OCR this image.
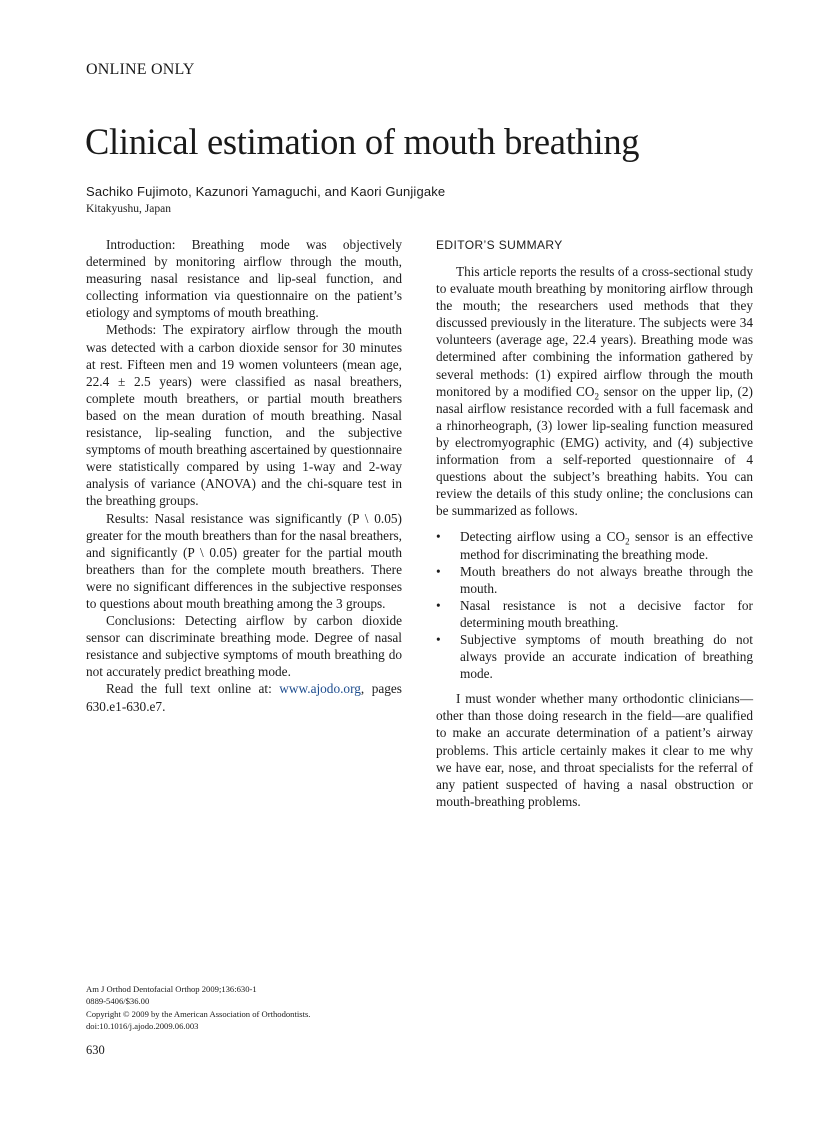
ONLINE ONLY
Clinical estimation of mouth breathing
Sachiko Fujimoto, Kazunori Yamaguchi, and Kaori Gunjigake
Kitakyushu, Japan

Introduction: Breathing mode was objectively determined by monitoring airflow through the mouth, measuring nasal resistance and lip-seal function, and collecting information via questionnaire on the patient’s etiology and symptoms of mouth breathing.

Methods: The expiratory airflow through the mouth was detected with a carbon dioxide sensor for 30 minutes at rest. Fifteen men and 19 women volunteers (mean age, 22.4 ± 2.5 years) were classified as nasal breathers, complete mouth breathers, or partial mouth breathers based on the mean duration of mouth breathing. Nasal resistance, lip-sealing function, and the subjective symptoms of mouth breathing ascertained by questionnaire were statistically compared by using 1-way and 2-way analysis of variance (ANOVA) and the chi-square test in the breathing groups.

Results: Nasal resistance was significantly (P \ 0.05) greater for the mouth breathers than for the nasal breathers, and significantly (P \ 0.05) greater for the partial mouth breathers than for the complete mouth breathers. There were no significant differences in the subjective responses to questions about mouth breathing among the 3 groups.

Conclusions: Detecting airflow by carbon dioxide sensor can discriminate breathing mode. Degree of nasal resistance and subjective symptoms of mouth breathing do not accurately predict breathing mode.

Read the full text online at: www.ajodo.org, pages 630.e1-630.e7.

EDITOR’S SUMMARY

This article reports the results of a cross-sectional study to evaluate mouth breathing by monitoring airflow through the mouth; the researchers used methods that they discussed previously in the literature. The subjects were 34 volunteers (average age, 22.4 years). Breathing mode was determined after combining the information gathered by several methods: (1) expired airflow through the mouth monitored by a modified $CO_2$ sensor on the upper lip, (2) nasal airflow resistance recorded with a full facemask and a rhinorheograph, (3) lower lip-sealing function measured by electromyographic (EMG) activity, and (4) subjective information from a self-reported questionnaire of 4 questions about the subject’s breathing habits. You can review the details of this study online; the conclusions can be summarized as follows.

• Detecting airflow using a $CO_2$ sensor is an effective method for discriminating the breathing mode.
• Mouth breathers do not always breathe through the mouth.
• Nasal resistance is not a decisive factor for determining mouth breathing.
• Subjective symptoms of mouth breathing do not always provide an accurate indication of breathing mode.

I must wonder whether many orthodontic clinicians—other than those doing research in the field—are qualified to make an accurate determination of a patient’s airway problems. This article certainly makes it clear to me why we have ear, nose, and throat specialists for the referral of any patient suspected of having a nasal obstruction or mouth-breathing problems.

Am J Orthod Dentofacial Orthop 2009;136:630-1
0889-5406/$36.00
Copyright © 2009 by the American Association of Orthodontists.
doi:10.1016/j.ajodo.2009.06.003
630
